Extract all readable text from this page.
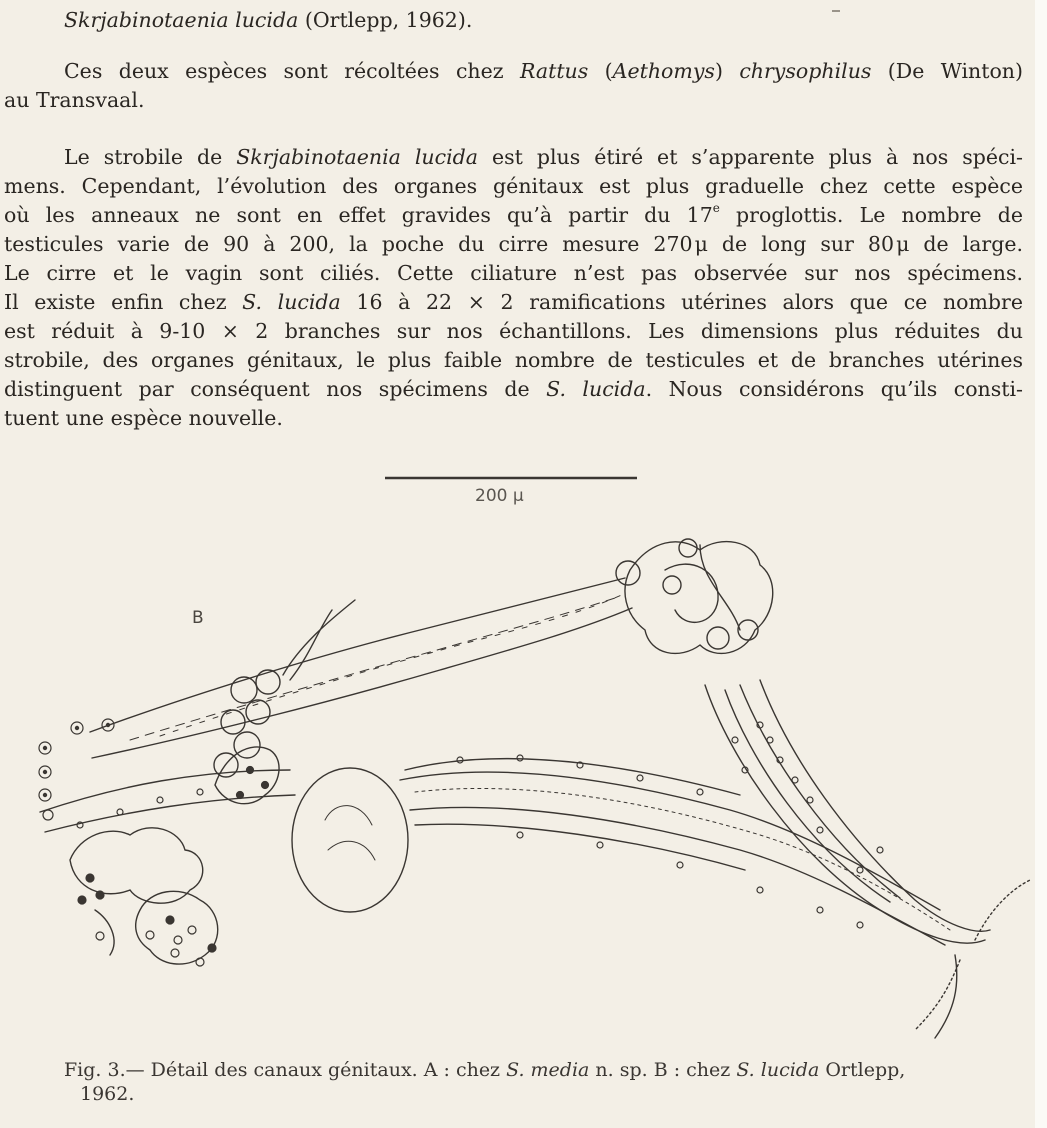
Skrjabinotaenia lucida (Ortlepp, 1962).

Ces deux espèces sont récoltées chez Rattus (Aethomys) chrysophilus (De Winton)

au Transvaal.

Le strobile de Skrjabinotaenia lucida est plus étiré et s’apparente plus à nos spéci-

mens. Cependant, l’évolution des organes génitaux est plus graduelle chez cette espèce

où les anneaux ne sont en effet gravides qu’à partir du 17e proglottis. Le nombre de

testicules varie de 90 à 200, la poche du cirre mesure 270 μ de long sur 80 μ de large.

Le cirre et le vagin sont ciliés. Cette ciliature n’est pas observée sur nos spécimens.

Il existe enfin chez S. lucida 16 à 22 × 2 ramifications utérines alors que ce nombre

est réduit à 9-10 × 2 branches sur nos échantillons. Les dimensions plus réduites du

strobile, des organes génitaux, le plus faible nombre de testicules et de branches utérines

distinguent par conséquent nos spécimens de S. lucida. Nous considérons qu’ils consti-

tuent une espèce nouvelle.

200 μ
B

Fig. 3.— Détail des canaux génitaux. A : chez S. media n. sp. B : chez S. lucida Ortlepp,
1962.
